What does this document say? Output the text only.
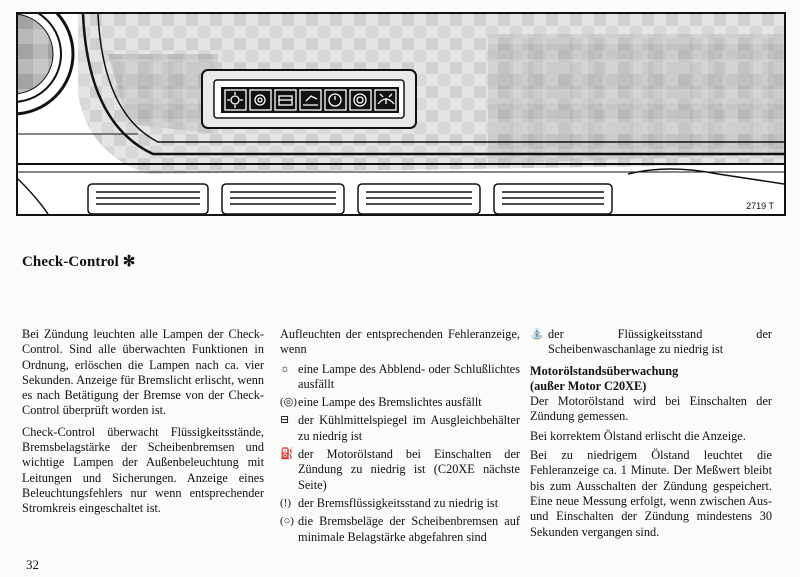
2719 T
Check-Control ✻

Bei Zündung leuchten alle Lampen der Check-Control. Sind alle überwachten Funktionen in Ordnung, erlöschen die Lampen nach ca. vier Sekunden. Anzeige für Bremslicht erlischt, wenn es nach Betätigung der Bremse von der Check-Control überprüft worden ist.

Check-Control überwacht Flüssigkeitsstände, Bremsbelagstärke der Scheibenbremsen und wichtige Lampen der Außenbeleuchtung mit Leitungen und Sicherungen. Anzeige eines Beleuchtungsfehlers nur wenn entsprechender Stromkreis eingeschaltet ist.

Aufleuchten der entsprechenden Fehleranzeige, wenn

☼ eine Lampe des Abblend- oder Schlußlichtes ausfällt
(◎) eine Lampe des Bremslichtes ausfällt
⊟ der Kühlmittelspiegel im Ausgleichbehälter zu niedrig ist
⛽ der Motorölstand bei Einschalten der Zündung zu niedrig ist (C20XE nächste Seite)
(!) der Bremsflüssigkeitsstand zu niedrig ist
(○) die Bremsbeläge der Scheibenbremsen auf minimale Belagstärke abgefahren sind
⛲ der Flüssigkeitsstand der Scheibenwaschanlage zu niedrig ist
Motorölstandsüberwachung
(außer Motor C20XE)

Der Motorölstand wird bei Einschalten der Zündung gemessen.

Bei korrektem Ölstand erlischt die Anzeige.

Bei zu niedrigem Ölstand leuchtet die Fehleranzeige ca. 1 Minute. Der Meßwert bleibt bis zum Ausschalten der Zündung gespeichert. Eine neue Messung erfolgt, wenn zwischen Aus- und Einschalten der Zündung mindestens 30 Sekunden vergangen sind.

32
